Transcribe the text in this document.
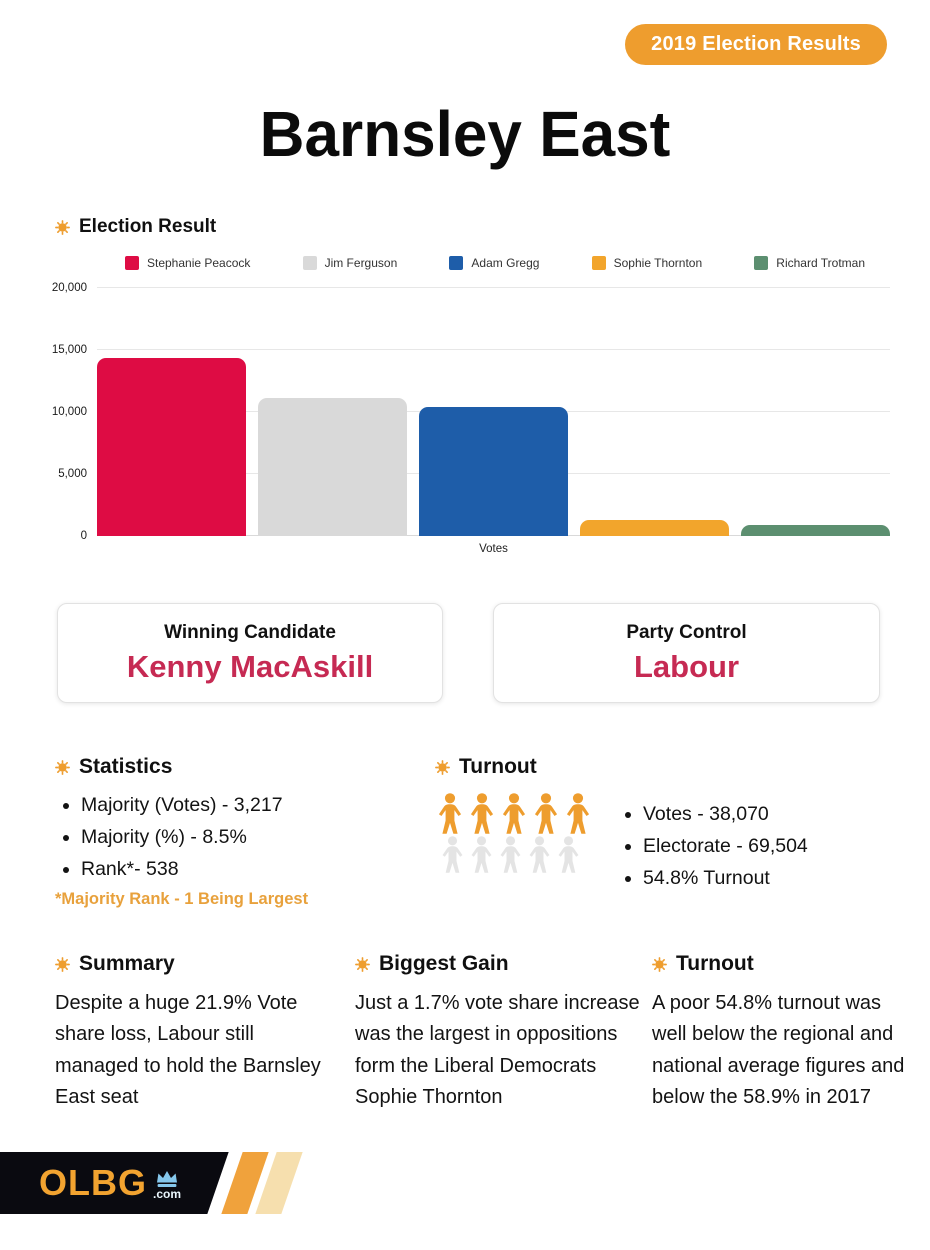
2019 Election Results
Barnsley East
Election Result
Stephanie Peacock	Jim Ferguson	Adam Gregg	Sophie Thornton	Richard Trotman
0
5,000
10,000
15,000
20,000
Votes
Winning Candidate
Kenny MacAskill
Party Control
Labour
Statistics
• Majority (Votes) - 3,217
• Majority (%) - 8.5%
• Rank*- 538
*Majority Rank - 1 Being Largest
Turnout
• Votes - 38,070
• Electorate - 69,504
• 54.8% Turnout
Summary

Despite a huge 21.9% Vote share loss, Labour still managed to hold the Barnsley East seat

Biggest Gain

Just a 1.7% vote share increase was the largest in oppositions form the Liberal Democrats Sophie Thornton

Turnout

A poor 54.8% turnout was well below the regional and national average figures and below the 58.9% in 2017

OLBG .com
